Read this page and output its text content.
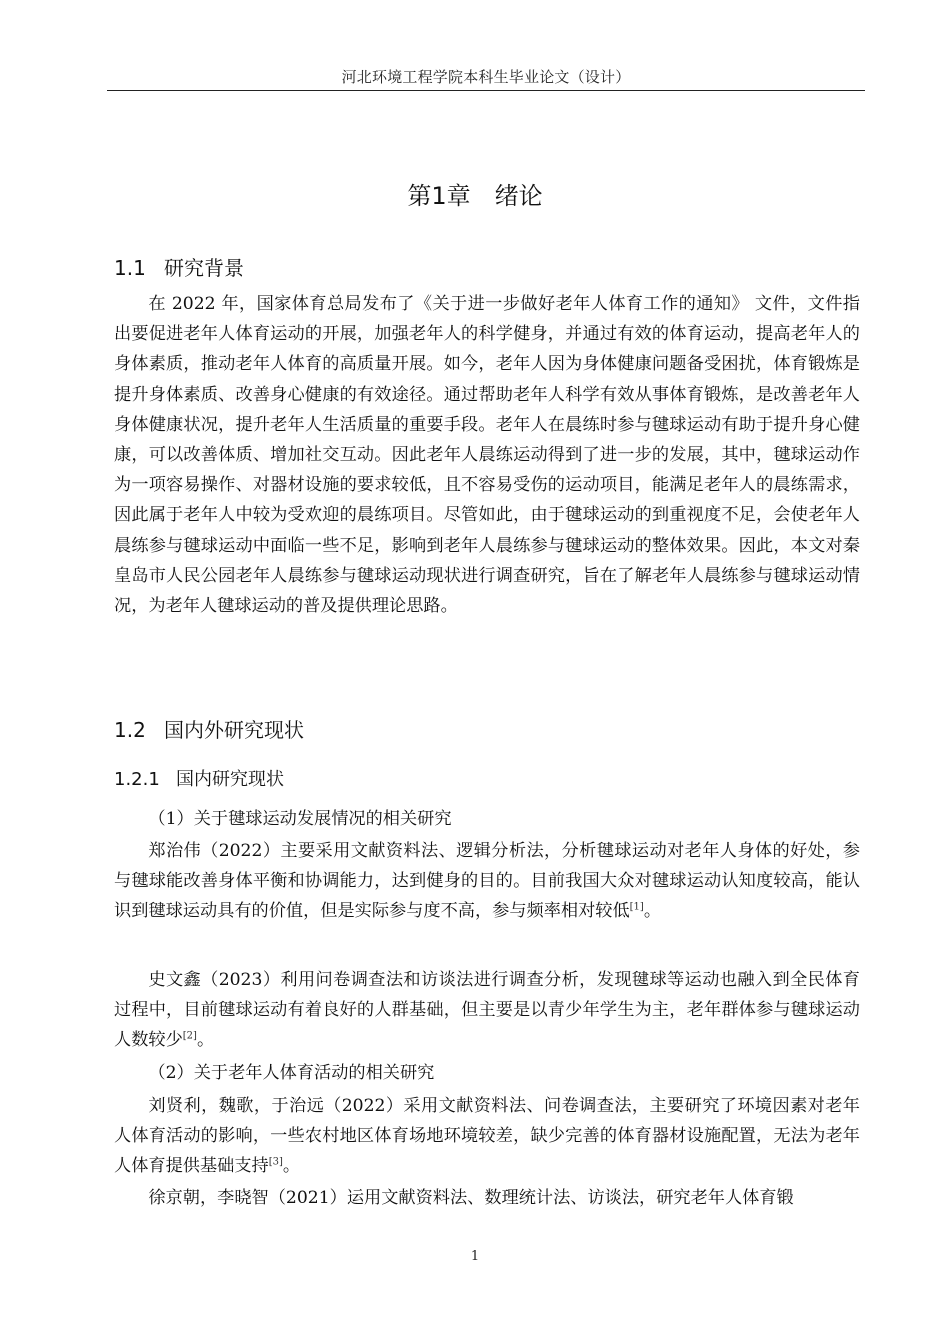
河北环境工程学院本科生毕业论文（设计）
第1章 绪论
1.1 研究背景

在 2022 年，国家体育总局发布了《关于进一步做好老年人体育工作的通知》 文件，文件指出要促进老年人体育运动的开展，加强老年人的科学健身，并通过有效的体育运动，提高老年人的身体素质，推动老年人体育的高质量开展。如今，老年人因为身体健康问题备受困扰，体育锻炼是提升身体素质、改善身心健康的有效途径。通过帮助老年人科学有效从事体育锻炼，是改善老年人身体健康状况，提升老年人生活质量的重要手段。老年人在晨练时参与毽球运动有助于提升身心健康，可以改善体质、增加社交互动。因此老年人晨练运动得到了进一步的发展，其中，毽球运动作为一项容易操作、对器材设施的要求较低，且不容易受伤的运动项目，能满足老年人的晨练需求，因此属于老年人中较为受欢迎的晨练项目。尽管如此，由于毽球运动的到重视度不足，会使老年人晨练参与毽球运动中面临一些不足，影响到老年人晨练参与毽球运动的整体效果。因此，本文对秦皇岛市人民公园老年人晨练参与毽球运动现状进行调查研究，旨在了解老年人晨练参与毽球运动情况，为老年人毽球运动的普及提供理论思路。

1.2 国内外研究现状
1.2.1 国内研究现状

（1）关于毽球运动发展情况的相关研究

郑治伟（2022）主要采用文献资料法、逻辑分析法，分析毽球运动对老年人身体的好处，参与毽球能改善身体平衡和协调能力，达到健身的目的。目前我国大众对毽球运动认知度较高，能认识到毽球运动具有的价值，但是实际参与度不高，参与频率相对较低[1]。

史文鑫（2023）利用问卷调查法和访谈法进行调查分析，发现毽球等运动也融入到全民体育过程中，目前毽球运动有着良好的人群基础，但主要是以青少年学生为主，老年群体参与毽球运动人数较少[2]。

（2）关于老年人体育活动的相关研究

刘贤利，魏歌，于治远（2022）采用文献资料法、问卷调查法，主要研究了环境因素对老年人体育活动的影响，一些农村地区体育场地环境较差，缺少完善的体育器材设施配置，无法为老年人体育提供基础支持[3]。

徐京朝，李晓智（2021）运用文献资料法、数理统计法、访谈法，研究老年人体育锻

1
